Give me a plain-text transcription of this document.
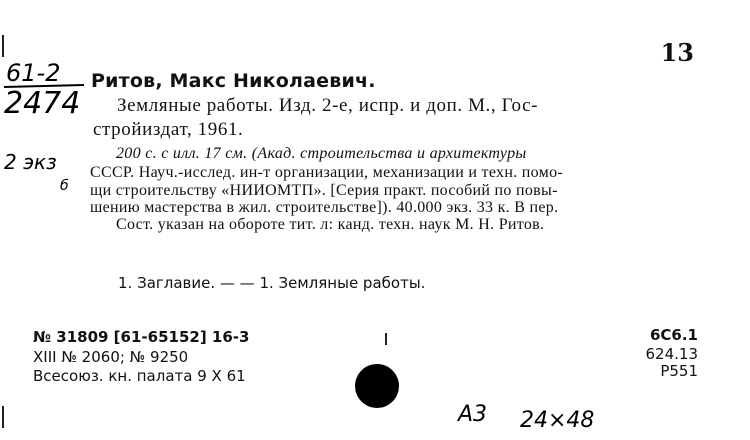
13
61-2
2474
2 экз
б
Ритов, Макс Николаевич.
Земляные работы. Изд. 2-е, испр. и доп. М., Гос-
стройиздат, 1961.
200 с. с илл. 17 см. (Акад. строительства и архитектуры
СССР. Науч.-исслед. ин-т организации, механизации и техн. помо-
щи строительству «НИИОМТП». [Серия практ. пособий по повы-
шению мастерства в жил. строительстве]). 40.000 экз. 33 к. В пер.
Сост. указан на обороте тит. л: канд. техн. наук М. Н. Ритов.
1. Заглавие. — — 1. Земляные работы.
№ 31809 [61-65152] 16-3
XIII № 2060; № 9250
Всесоюз. кн. палата 9 X 61
6С6.1
624.13
Р551
А3 24×48
